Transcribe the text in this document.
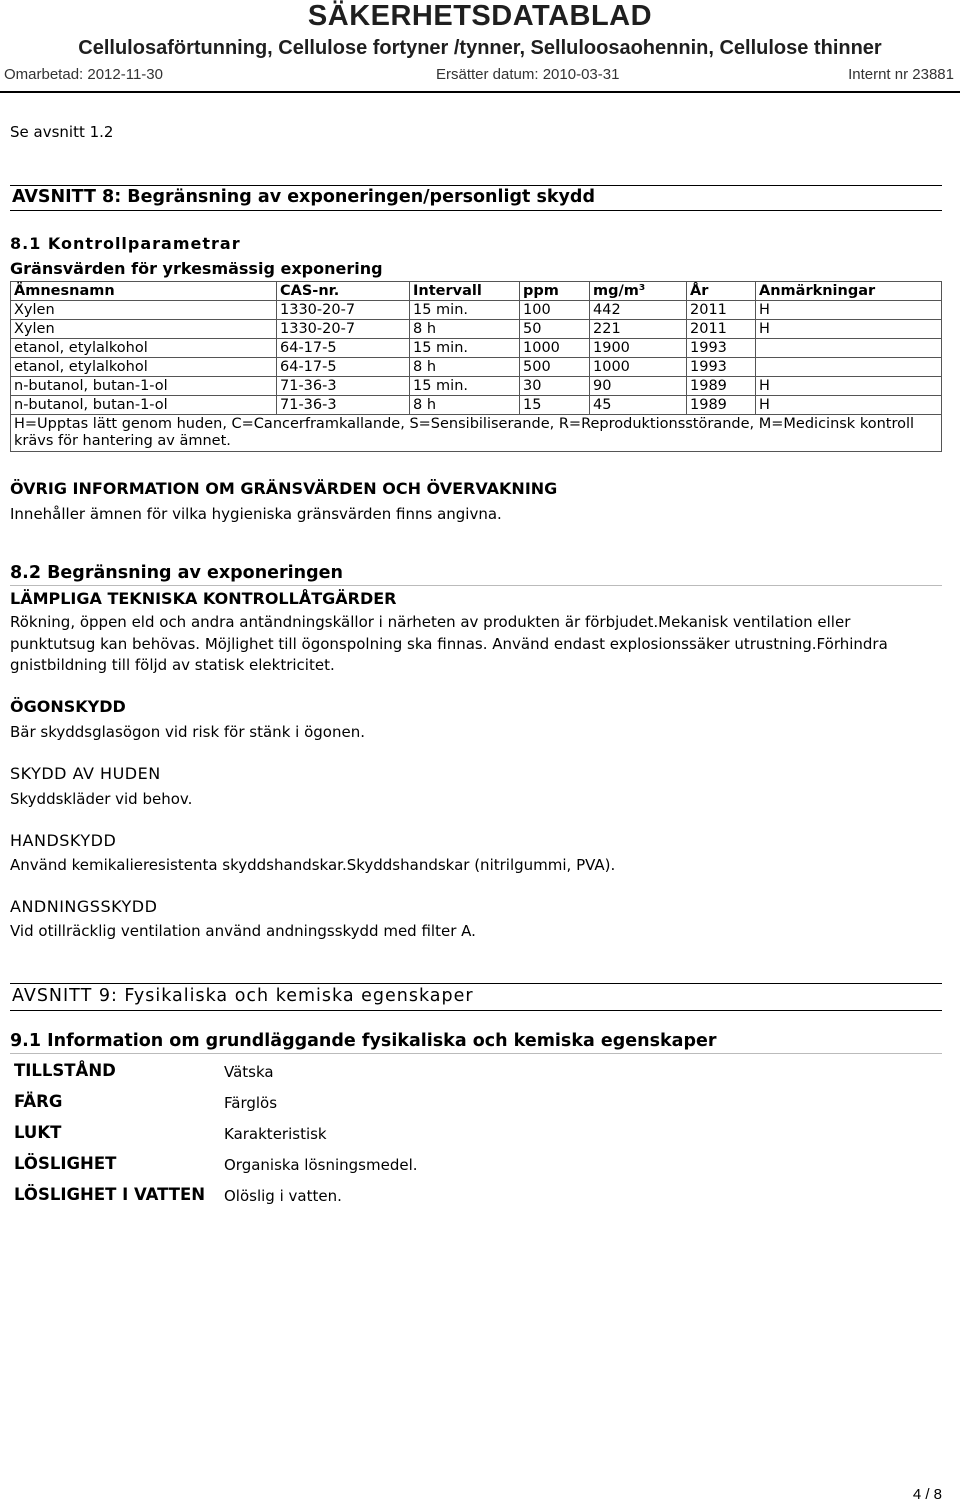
SÄKERHETSDATABLAD
Cellulosaförtunning, Cellulose fortyner /tynner, Selluloosaohennin, Cellulose thinner
Omarbetad: 2012-11-30	Ersätter datum: 2010-03-31	Internt nr 23881
Se avsnitt 1.2
AVSNITT 8: Begränsning av exponeringen/personligt skydd
8.1 Kontrollparametrar
Gränsvärden för yrkesmässig exponering
Ämnesnamn	CAS-nr.	Intervall	ppm	mg/m³	År	Anmärkningar
Xylen	1330-20-7	15 min.	100	442	2011	H
Xylen	1330-20-7	8 h	50	221	2011	H
etanol, etylalkohol	64-17-5	15 min.	1000	1900	1993	
etanol, etylalkohol	64-17-5	8 h	500	1000	1993	
n-butanol, butan-1-ol	71-36-3	15 min.	30	90	1989	H
n-butanol, butan-1-ol	71-36-3	8 h	15	45	1989	H
H=Upptas lätt genom huden, C=Cancerframkallande, S=Sensibiliserande, R=Reproduktionsstörande, M=Medicinsk kontroll krävs för hantering av ämnet.						
ÖVRIG INFORMATION OM GRÄNSVÄRDEN OCH ÖVERVAKNING
Innehåller ämnen för vilka hygieniska gränsvärden finns angivna.
8.2 Begränsning av exponeringen
LÄMPLIGA TEKNISKA KONTROLLÅTGÄRDER
Rökning, öppen eld och andra antändningskällor i närheten av produkten är förbjudet.Mekanisk ventilation eller
punktutsug kan behövas. Möjlighet till ögonspolning ska finnas. Använd endast explosionssäker utrustning.Förhindra
gnistbildning till följd av statisk elektricitet.
ÖGONSKYDD
Bär skyddsglasögon vid risk för stänk i ögonen.
SKYDD AV HUDEN
Skyddskläder vid behov.
HANDSKYDD
Använd kemikalieresistenta skyddshandskar.Skyddshandskar (nitrilgummi, PVA).
ANDNINGSSKYDD
Vid otillräcklig ventilation använd andningsskydd med filter A.
AVSNITT 9: Fysikaliska och kemiska egenskaper
9.1 Information om grundläggande fysikaliska och kemiska egenskaper
TILLSTÅND	Vätska
FÄRG	Färglös
LUKT	Karakteristisk
LÖSLIGHET	Organiska lösningsmedel.
LÖSLIGHET I VATTEN Olöslig i vatten.
4 / 8
